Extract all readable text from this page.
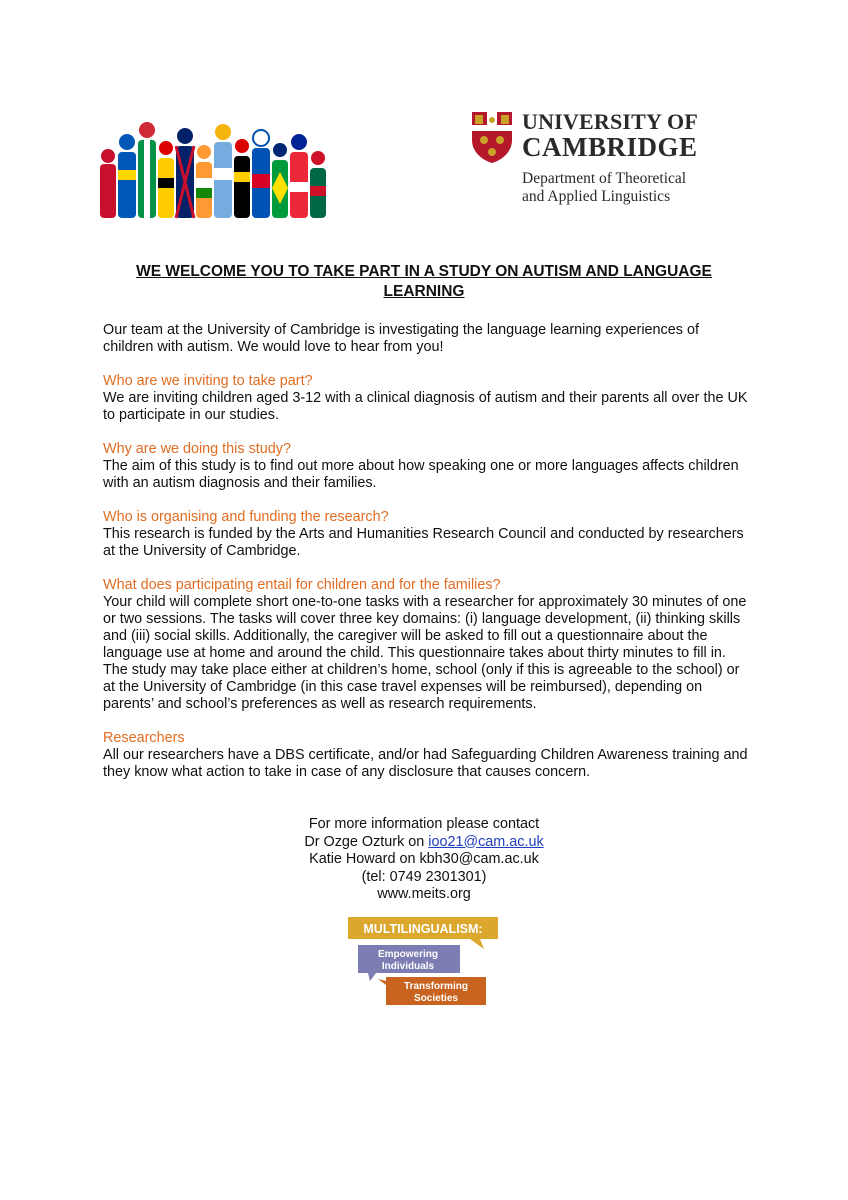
UNIVERSITY OF
CAMBRIDGE

Department of Theoretical
and Applied Linguistics

WE WELCOME YOU TO TAKE PART IN A STUDY ON AUTISM AND LANGUAGE
LEARNING

Our team at the University of Cambridge is investigating the language learning experiences of children with autism. We would love to hear from you!

Who are we inviting to take part?

We are inviting children aged 3-12 with a clinical diagnosis of autism and their parents all over the UK to participate in our studies.

Why are we doing this study?

The aim of this study is to find out more about how speaking one or more languages affects children with an autism diagnosis and their families.

Who is organising and funding the research?

This research is funded by the Arts and Humanities Research Council and conducted by researchers at the University of Cambridge.

What does participating entail for children and for the families?

Your child will complete short one-to-one tasks with a researcher for approximately 30 minutes of one or two sessions. The tasks will cover three key domains: (i) language development, (ii) thinking skills and (iii) social skills. Additionally, the caregiver will be asked to fill out a questionnaire about the language use at home and around the child. This questionnaire takes about thirty minutes to fill in. The study may take place either at children’s home, school (only if this is agreeable to the school) or at the University of Cambridge (in this case travel expenses will be reimbursed), depending on parents’ and school’s preferences as well as research requirements.

Researchers

All our researchers have a DBS certificate, and/or had Safeguarding Children Awareness training and they know what action to take in case of any disclosure that causes concern.

For more information please contact
Dr Ozge Ozturk on ioo21@cam.ac.uk
Katie Howard on kbh30@cam.ac.uk
(tel: 0749 2301301)
www.meits.org
MULTILINGUALISM:
Empowering
Individuals
Transforming
Societies
